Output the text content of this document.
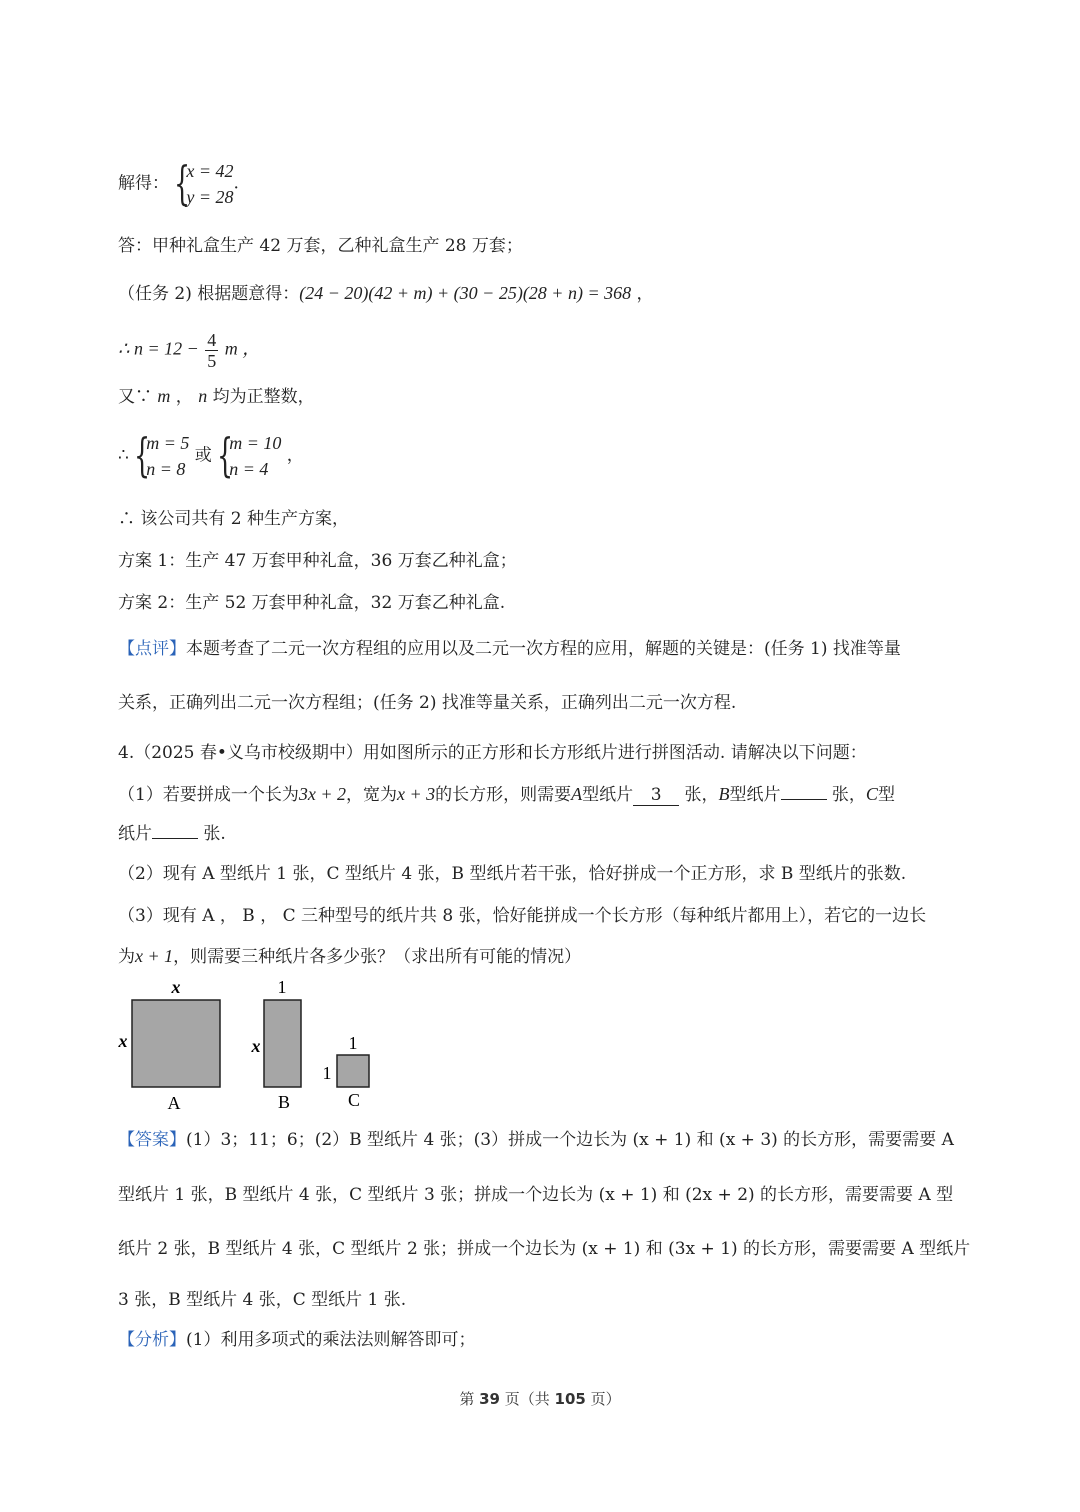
解得： {
x = 42
y = 28
.
答：甲种礼盒生产 42 万套，乙种礼盒生产 28 万套；
（任务 2) 根据题意得：(24 − 20)(42 + m) + (30 − 25)(28 + n) = 368 ，
∴ $n = 12 - \frac{4}{5}$ m ，
又∵ m ， n 均为正整数，
∴ {
m = 5
n = 8
或 {
m = 10
n = 4
，
∴ 该公司共有 2 种生产方案，
方案 1：生产 47 万套甲种礼盒，36 万套乙种礼盒；
方案 2：生产 52 万套甲种礼盒，32 万套乙种礼盒.
【点评】本题考查了二元一次方程组的应用以及二元一次方程的应用，解题的关键是：(任务 1) 找准等量
关系，正确列出二元一次方程组；(任务 2) 找准等量关系，正确列出二元一次方程.
4.（2025 春•义乌市校级期中）用如图所示的正方形和长方形纸片进行拼图活动. 请解决以下问题：
（1）若要拼成一个长为3x + 2，宽为x + 3的长方形，则需要A型纸片 3 张，B型纸片	张，C型
纸片	张.
（2）现有 A 型纸片 1 张，C 型纸片 4 张，B 型纸片若干张，恰好拼成一个正方形，求 B 型纸片的张数.
（3）现有 A ， B ， C 三种型号的纸片共 8 张，恰好能拼成一个长方形（每种纸片都用上），若它的一边长
为x + 1，则需要三种纸片各多少张？（求出所有可能的情况）
x
x
A
1
x
B
1
1
C
【答案】(1）3；11；6；(2）B 型纸片 4 张；(3）拼成一个边长为 (x + 1) 和 (x + 3) 的长方形，需要需要 A
型纸片 1 张，B 型纸片 4 张，C 型纸片 3 张；拼成一个边长为 (x + 1) 和 (2x + 2) 的长方形，需要需要 A 型
纸片 2 张，B 型纸片 4 张，C 型纸片 2 张；拼成一个边长为 (x + 1) 和 (3x + 1) 的长方形，需要需要 A 型纸片
3 张，B 型纸片 4 张，C 型纸片 1 张.
【分析】(1）利用多项式的乘法法则解答即可；
第 39 页（共 105 页）
